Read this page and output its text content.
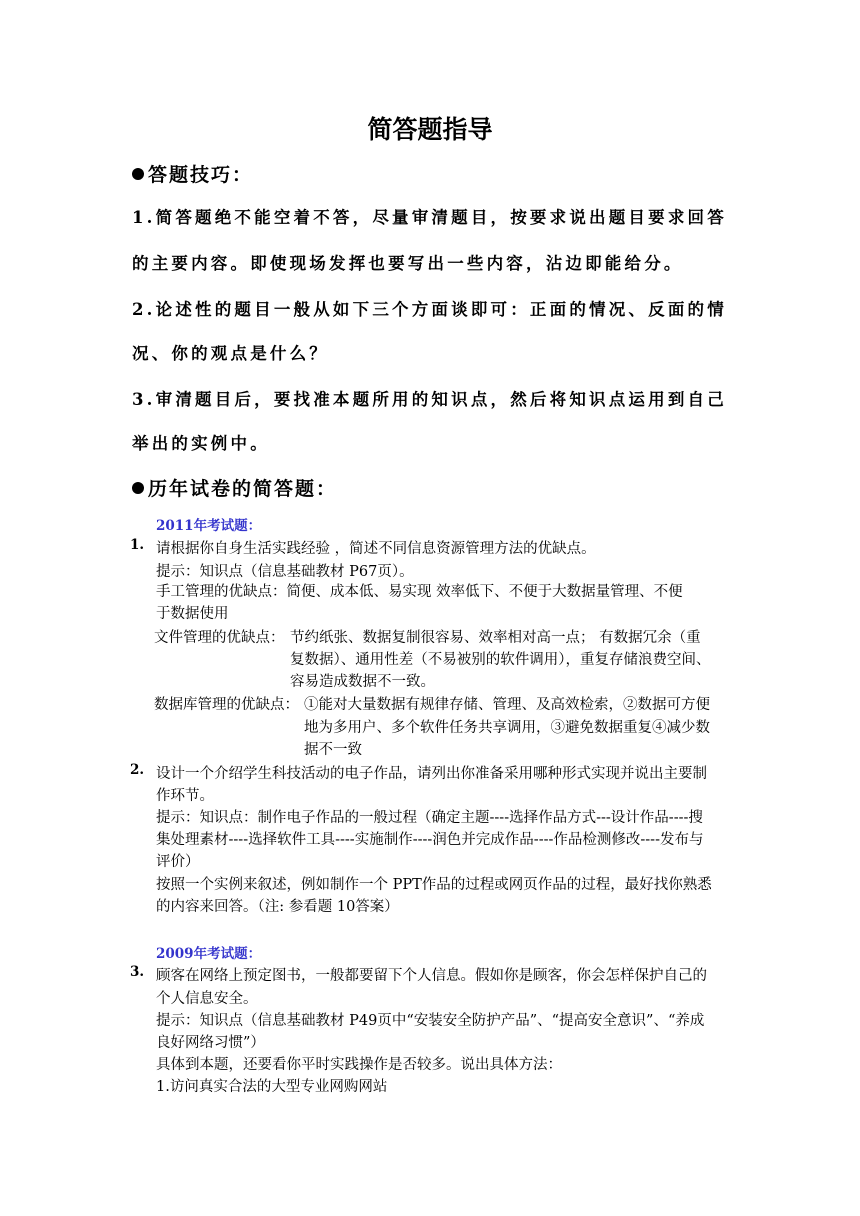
简答题指导
答题技巧：
1.简答题绝不能空着不答，尽量审清题目，按要求说出题目要求回答
的主要内容。即使现场发挥也要写出一些内容，沾边即能给分。
2.论述性的题目一般从如下三个方面谈即可：正面的情况、反面的情
况、你的观点是什么？
3.审清题目后，要找准本题所用的知识点，然后将知识点运用到自己
举出的实例中。
历年试卷的简答题：
2011年考试题：
1. 请根据你自身生活实践经验 ，简述不同信息资源管理方法的优缺点。
提示：知识点（信息基础教材 P67页）。
手工管理的优缺点：简便、成本低、易实现 效率低下、不便于大数据量管理、不便
于数据使用
文件管理的优缺点： 节约纸张、数据复制很容易、效率相对高一点； 有数据冗余（重
复数据）、通用性差（不易被别的软件调用），重复存储浪费空间、
容易造成数据不一致。
数据库管理的优缺点： ①能对大量数据有规律存储、管理、及高效检索，②数据可方便
地为多用户、多个软件任务共享调用，③避免数据重复④减少数
据不一致
2. 设计一个介绍学生科技活动的电子作品，请列出你准备采用哪种形式实现并说出主要制
作环节。
提示：知识点：制作电子作品的一般过程（确定主题----选择作品方式---设计作品----搜
集处理素材----选择软件工具----实施制作----润色并完成作品----作品检测修改----发布与
评价）
按照一个实例来叙述，例如制作一个 PPT作品的过程或网页作品的过程，最好找你熟悉
的内容来回答。（注: 参看题 10答案）
2009年考试题：
3. 顾客在网络上预定图书，一般都要留下个人信息。假如你是顾客，你会怎样保护自己的
个人信息安全。
提示：知识点（信息基础教材 P49页中“安装安全防护产品”、“提高安全意识”、“养成
良好网络习惯”）
具体到本题，还要看你平时实践操作是否较多。说出具体方法：
1.访问真实合法的大型专业网购网站
